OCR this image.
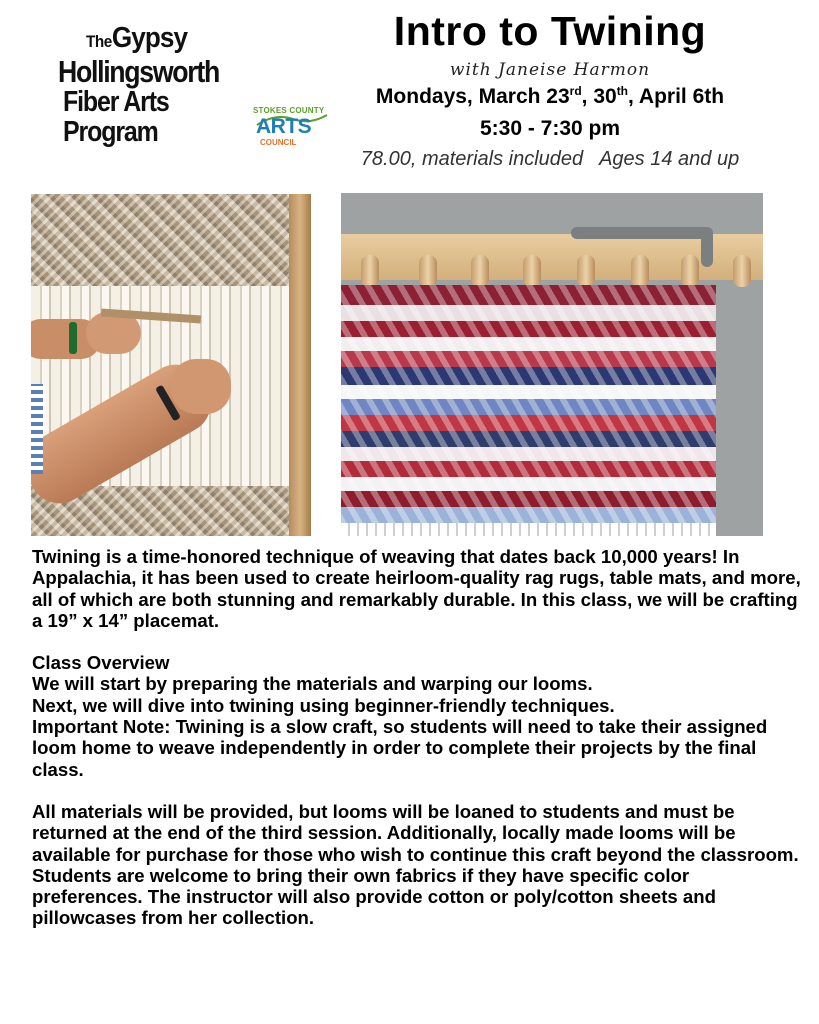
TheGypsy
Hollingsworth
Fiber Arts
Program
STOKES COUNTY
ARTS
COUNCIL
Intro to Twining
with Janeise Harmon
Mondays, March 23rd, 30th, April 6th
5:30 - 7:30 pm
78.00, materials included   Ages 14 and up

Twining is a time-honored technique of weaving that dates back 10,000 years! In Appalachia, it has been used to create heirloom-quality rag rugs, table mats, and more, all of which are both stunning and remarkably durable. In this class, we will be crafting a 19” x 14” placemat.

Class Overview

We will start by preparing the materials and warping our looms.

Next, we will dive into twining using beginner-friendly techniques.

Important Note: Twining is a slow craft, so students will need to take their assigned loom home to weave independently in order to complete their projects by the final class.

All materials will be provided, but looms will be loaned to students and must be returned at the end of the third session. Additionally, locally made looms will be available for purchase for those who wish to continue this craft beyond the classroom. Students are welcome to bring their own fabrics if they have specific color preferences. The instructor will also provide cotton or poly/cotton sheets and pillowcases from her collection.
